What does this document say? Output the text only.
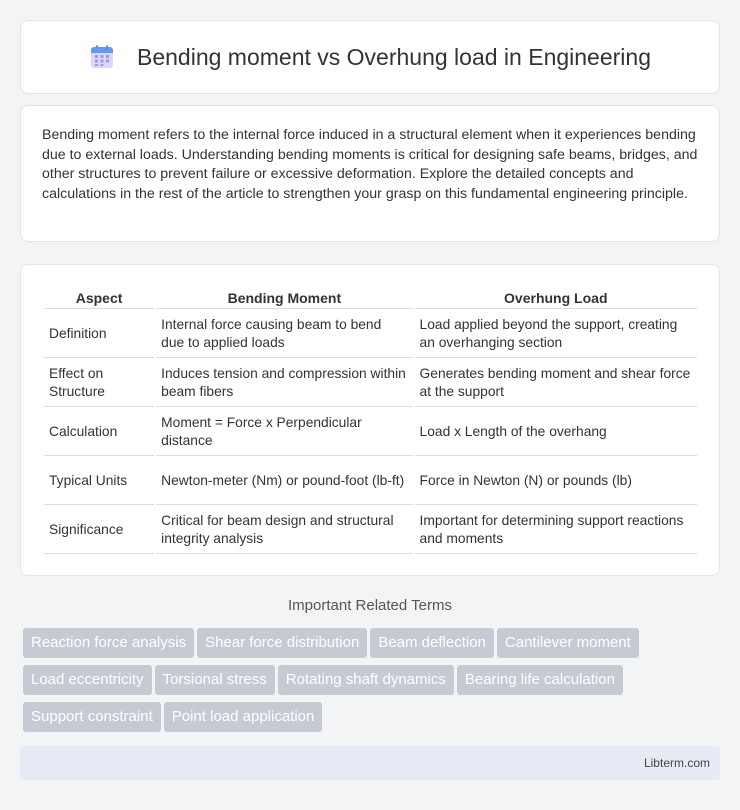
Bending moment vs Overhung load in Engineering

Bending moment refers to the internal force induced in a structural element when it experiences bending due to external loads. Understanding bending moments is critical for designing safe beams, bridges, and other structures to prevent failure or excessive deformation. Explore the detailed concepts and calculations in the rest of the article to strengthen your grasp on this fundamental engineering principle.

Aspect	Bending Moment	Overhung Load
Definition	Internal force causing beam to bend due to applied loads	Load applied beyond the support, creating an overhanging section
Effect on Structure	Induces tension and compression within beam fibers	Generates bending moment and shear force at the support
Calculation	Moment = Force x Perpendicular distance	Load x Length of the overhang
Typical Units	Newton-meter (Nm) or pound-foot (lb-ft)	Force in Newton (N) or pounds (lb)
Significance	Critical for beam design and structural integrity analysis	Important for determining support reactions and moments
Important Related Terms
Reaction force analysis Shear force distribution Beam deflection Cantilever momentLoad eccentricity Torsional stress Rotating shaft dynamics Bearing life calculationSupport constraint Point load application
Libterm.com
